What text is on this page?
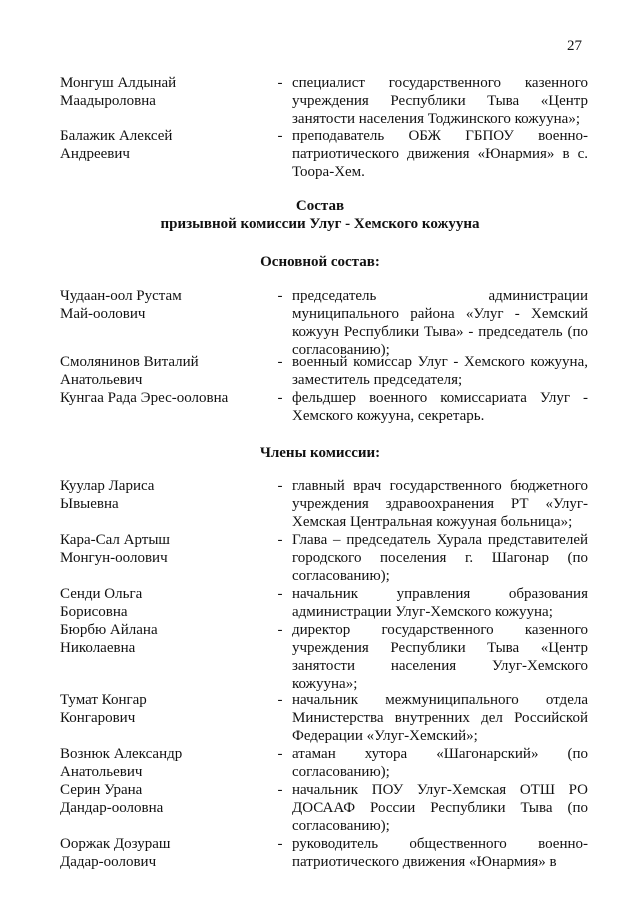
27
Монгуш Алдынай
Маадыроловна
- специалист государственного казенного
учреждения Республики Тыва «Центр
занятости населения Тоджинского кожууна»;
Балажик Алексей
Андреевич
- преподаватель ОБЖ ГБПОУ военно-
патриотического движения «Юнармия» в с.
Тоора-Хем.
Состав
призывной комиссии Улуг - Хемского кожууна
Основной состав:
Чудаан-оол Рустам
Май-оолович
- председатель администрации
муниципального района «Улуг - Хемский
кожуун Республики Тыва» - председатель (по
согласованию);
Смолянинов Виталий
Анатольевич
- военный комиссар Улуг - Хемского кожууна,
заместитель председателя;
Кунгаа Рада Эрес-ооловна	- фельдшер военного комиссариата Улуг -
Хемского кожууна, секретарь.
Члены комиссии:
Куулар Лариса
Ывыевна
- главный врач государственного бюджетного
учреждения здравоохранения РТ «Улуг-
Хемская Центральная кожууная больница»;
Кара-Сал Артыш
Монгун-оолович
- Глава – председатель Хурала представителей
городского поселения г. Шагонар (по
согласованию);
Сенди Ольга
Борисовна
- начальник управления образования
администрации Улуг-Хемского кожууна;
Бюрбю Айлана
Николаевна
- директор государственного казенного
учреждения Республики Тыва «Центр
занятости населения Улуг-Хемского
кожууна»;
Тумат Конгар
Конгарович
- начальник межмуниципального отдела
Министерства внутренних дел Российской
Федерации «Улуг-Хемский»;
Вознюк Александр
Анатольевич
- атаман хутора «Шагонарский» (по
согласованию);
Серин Урана
Дандар-ооловна
- начальник ПОУ Улуг-Хемская ОТШ РО
ДОСААФ России Республики Тыва (по
согласованию);
Ооржак Дозураш
Дадар-оолович
- руководитель общественного военно-
патриотического движения «Юнармия» в
